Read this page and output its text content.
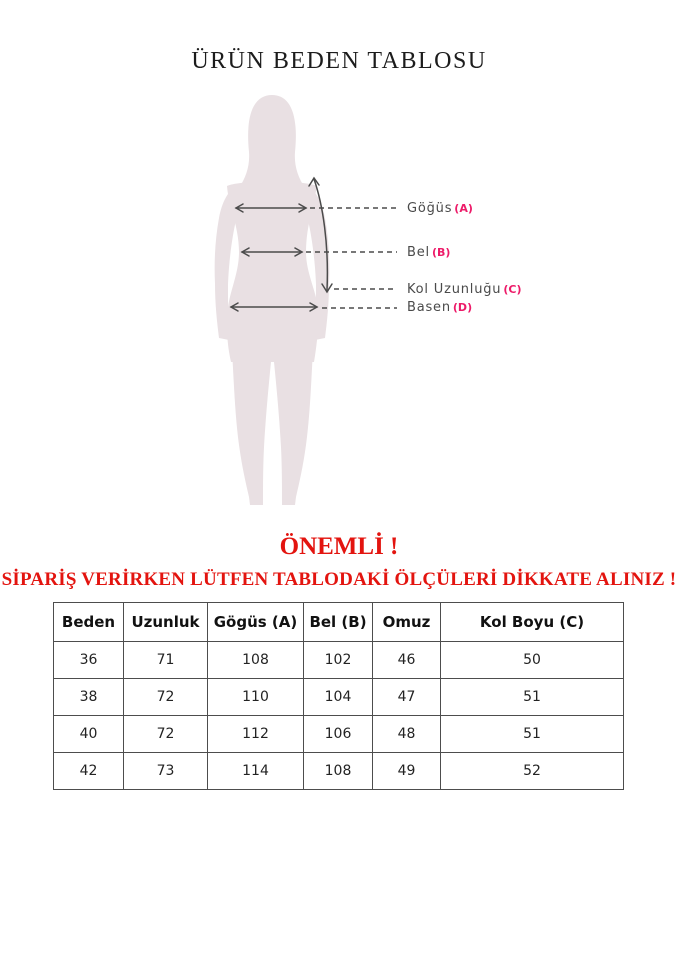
ÜRÜN BEDEN TABLOSU
Göğüs (A)
Bel (B)
Kol Uzunluğu (C)
Basen (D)
ÖNEMLİ !
SİPARİŞ VERİRKEN LÜTFEN TABLODAKİ ÖLÇÜLERİ DİKKATE ALINIZ !
Beden	Uzunluk	Gögüs (A)	Bel (B)	Omuz	Kol Boyu (C)
36	71	108	102	46	50
38	72	110	104	47	51
40	72	112	106	48	51
42	73	114	108	49	52
